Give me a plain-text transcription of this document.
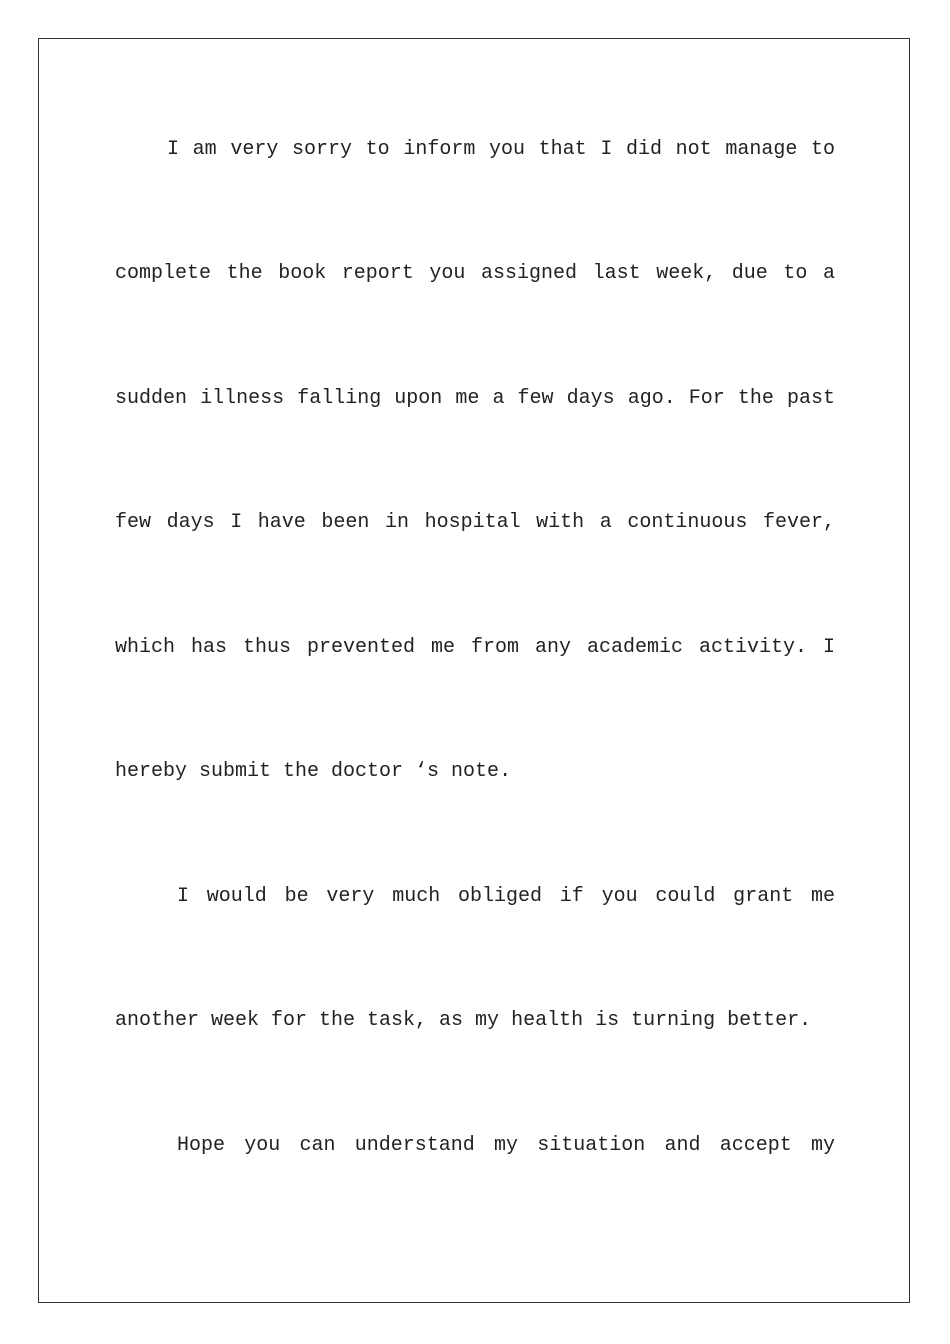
I am very sorry to inform you that I did not manage to
complete the book report you assigned last week, due to a
sudden illness falling upon me a few days ago. For the past
few days I have been in hospital with a continuous fever,
which has thus prevented me from any academic activity. I
hereby submit the doctor ‘s note.
I would be very much obliged if you could grant me
another week for the task, as my health is turning better.
Hope you can understand my situation and accept my
